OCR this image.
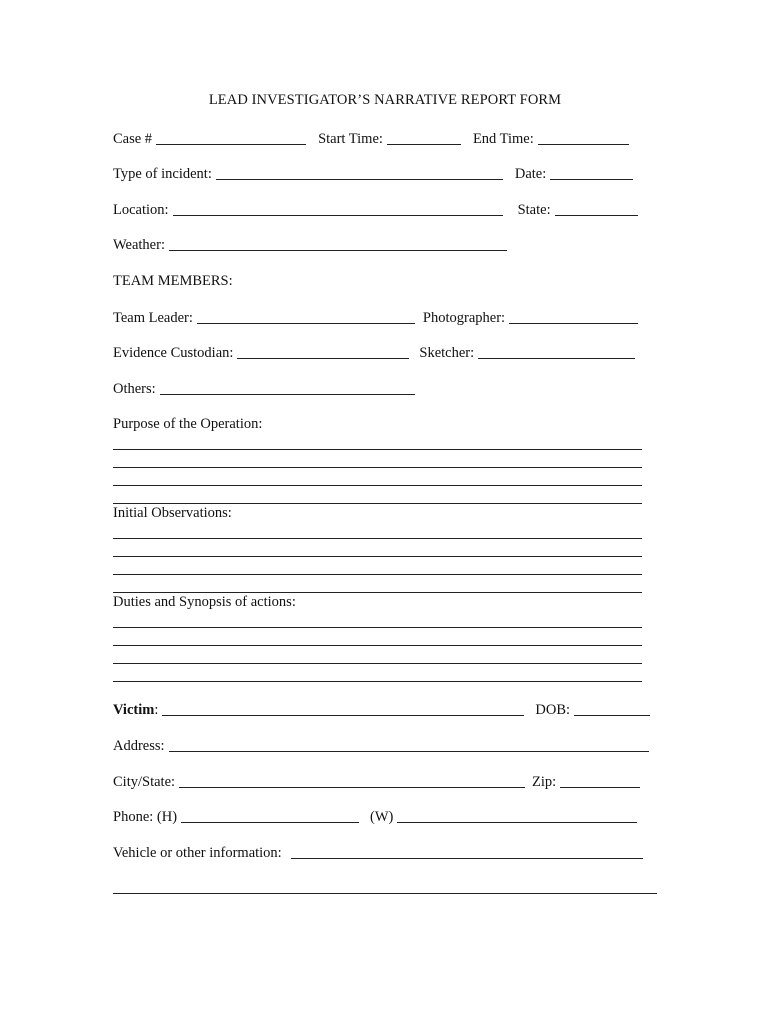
LEAD INVESTIGATOR’S NARRATIVE REPORT FORM
Case #	Start Time:	End Time:
Type of incident:	Date:
Location:	State:
Weather:
TEAM MEMBERS:
Team Leader:	Photographer:
Evidence Custodian:	Sketcher:
Others:
Purpose of the Operation:
Initial Observations:
Duties and Synopsis of actions:
Victim :	DOB:
Address:
City/State:	Zip:
Phone: (H)	(W)
Vehicle or other information:
